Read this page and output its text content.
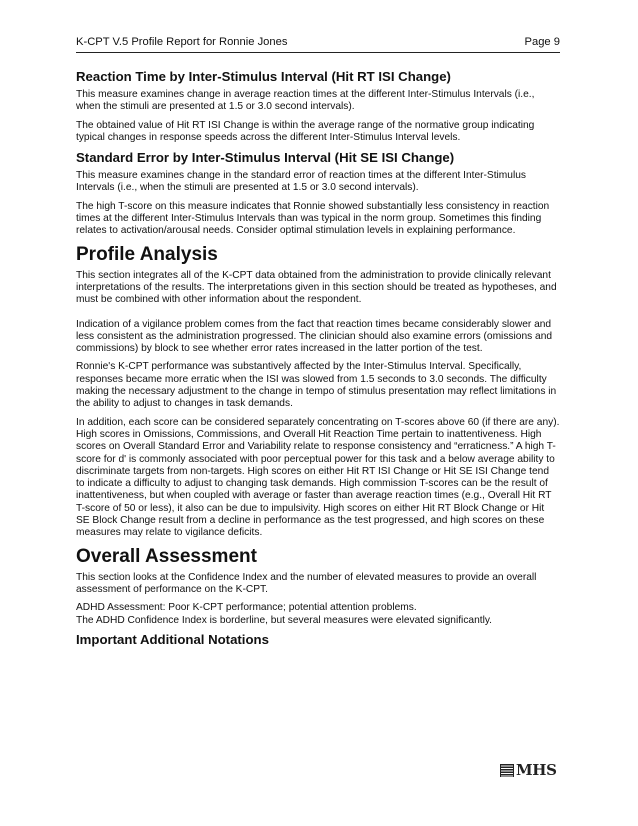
K-CPT V.5 Profile Report for Ronnie Jones	Page 9
Reaction Time by Inter-Stimulus Interval (Hit RT ISI Change)

This measure examines change in average reaction times at the different Inter-Stimulus Intervals (i.e., when the stimuli are presented at 1.5 or 3.0 second intervals).

The obtained value of Hit RT ISI Change is within the average range of the normative group indicating typical changes in response speeds across the different Inter-Stimulus Interval levels.

Standard Error by Inter-Stimulus Interval (Hit SE ISI Change)

This measure examines change in the standard error of reaction times at the different Inter-Stimulus Intervals (i.e., when the stimuli are presented at 1.5 or 3.0 second intervals).

The high T-score on this measure indicates that Ronnie showed substantially less consistency in reaction times at the different Inter-Stimulus Intervals than was typical in the norm group. Sometimes this finding relates to activation/arousal needs. Consider optimal stimulation levels in explaining performance.

Profile Analysis

This section integrates all of the K-CPT data obtained from the administration to provide clinically relevant interpretations of the results. The interpretations given in this section should be treated as hypotheses, and must be combined with other information about the respondent.

Indication of a vigilance problem comes from the fact that reaction times became considerably slower and less consistent as the administration progressed. The clinician should also examine errors (omissions and commissions) by block to see whether error rates increased in the latter portion of the test.

Ronnie's K-CPT performance was substantively affected by the Inter-Stimulus Interval. Specifically, responses became more erratic when the ISI was slowed from 1.5 seconds to 3.0 seconds. The difficulty making the necessary adjustment to the change in tempo of stimulus presentation may reflect limitations in the ability to adjust to changes in task demands.

In addition, each score can be considered separately concentrating on T-scores above 60 (if there are any). High scores in Omissions, Commissions, and Overall Hit Reaction Time pertain to inattentiveness. High scores on Overall Standard Error and Variability relate to response consistency and “erraticness.” A high T-score for d' is commonly associated with poor perceptual power for this task and a below average ability to discriminate targets from non-targets. High scores on either Hit RT ISI Change or Hit SE ISI Change tend to indicate a difficulty to adjust to changing task demands. High commission T-scores can be the result of inattentiveness, but when coupled with average or faster than average reaction times (e.g., Overall Hit RT T-score of 50 or less), it also can be due to impulsivity. High scores on either Hit RT Block Change or Hit SE Block Change result from a decline in performance as the test progressed, and high scores on these measures may relate to vigilance deficits.

Overall Assessment

This section looks at the Confidence Index and the number of elevated measures to provide an overall assessment of performance on the K-CPT.

ADHD Assessment: Poor K-CPT performance; potential attention problems.
The ADHD Confidence Index is borderline, but several measures were elevated significantly.

Important Additional Notations
MHS
